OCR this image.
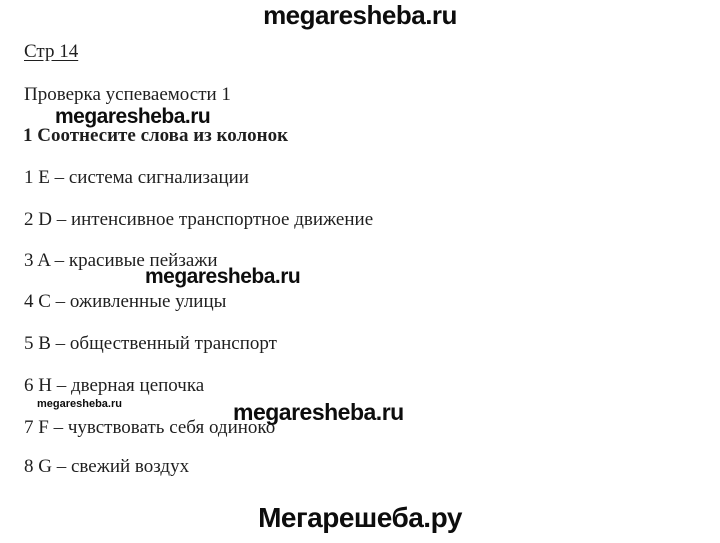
megaresheba.ru
Стр 14
Проверка успеваемости 1
megaresheba.ru
1 Соотнесите слова из колонок
1 E – система сигнализации
2 D – интенсивное транспортное движение
3 A – красивые пейзажи
megaresheba.ru
4 C – оживленные улицы
5 B – общественный транспорт
6 H – дверная цепочка
megaresheba.ru	megaresheba.ru
7 F – чувствовать себя одиноко
8 G – свежий воздух
Мегарешеба.ру
